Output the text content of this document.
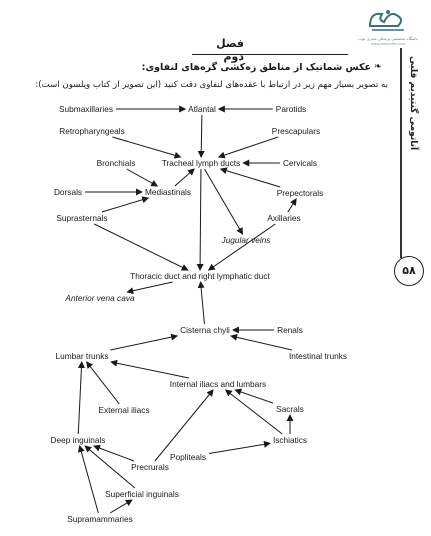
باشگاه تخصصی پزشکی مجری توپ
www.bafanlife.com
فصل دوم	آناتومی گنتیدیم قلبی
۵۸
❧
عکس شماتیک از مناطق زه‌کشی گره‌های لنفاوی:
به تصویر بسیار مهم زیر در ارتباط با عقده‌های لنفاوی دقت کنید (این تصویر از کتاب ویلسون است):
Submaxillaries	Atlantal	Parotids
Retropharyngeals	Prescapulars
Bronchials	Tracheal lymph ducts	Cervicals
Dorsals	Mediastinals	Prepectorals
Suprasternals	Axillaries
Jugular veins
Thoracic duct and right lymphatic duct
Anterior vena cava
Cisterna chyli	Renals
Lumbar trunks	Intestinal trunks
Internal iliacs and lumbars
External iliacs	Sacrals
Deep inguinals	Ischiatics
Popliteals
Precrurals
Superficial inguinals
Supramammaries
